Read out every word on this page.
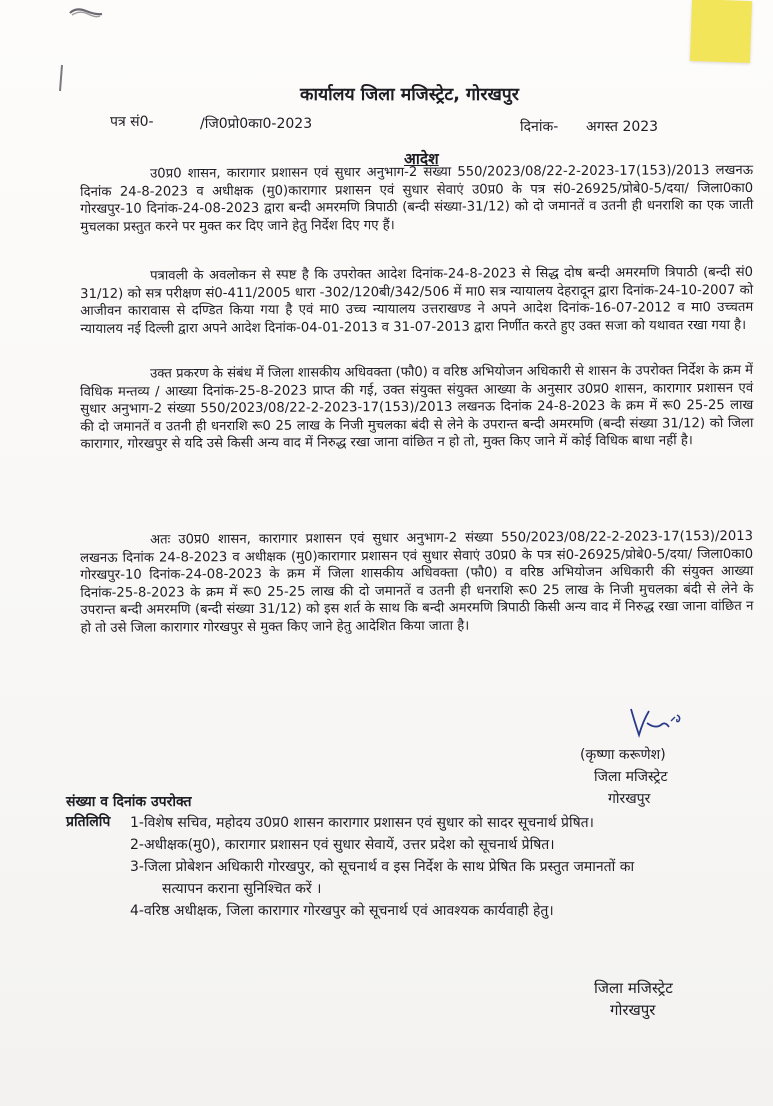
कार्यालय जिला मजिस्ट्रेट, गोरखपुर
पत्र सं0-	/जि0प्रो0का0-2023	दिनांक- अगस्त 2023
आदेश
उ0प्र0 शासन, कारागार प्रशासन एवं सुधार अनुभाग-2 संख्या 550/2023/08/22-2-2023-17(153)/2013 लखनऊ दिनांक 24-8-2023 व अधीक्षक (मु0)कारागार प्रशासन एवं सुधार सेवाएं उ0प्र0 के पत्र सं0-26925/प्रोबे0-5/दया/ जिला0का0 गोरखपुर-10 दिनांक-24-08-2023 द्वारा बन्दी अमरमणि त्रिपाठी (बन्दी संख्या-31/12) को दो जमानतें व उतनी ही धनराशि का एक जाती मुचलका प्रस्तुत करने पर मुक्त कर दिए जाने हेतु निर्देश दिए गए हैं।
पत्रावली के अवलोकन से स्पष्ट है कि उपरोक्त आदेश दिनांक-24-8-2023 से सिद्ध दोष बन्दी अमरमणि त्रिपाठी (बन्दी सं0 31/12) को सत्र परीक्षण सं0-411/2005 धारा -302/120बी/342/506 में मा0 सत्र न्यायालय देहरादून द्वारा दिनांक-24-10-2007 को आजीवन कारावास से दण्डित किया गया है एवं मा0 उच्च न्यायालय उत्तराखण्ड ने अपने आदेश दिनांक-16-07-2012 व मा0 उच्चतम न्यायालय नई दिल्ली द्वारा अपने आदेश दिनांक-04-01-2013 व 31-07-2013 द्वारा निर्णीत करते हुए उक्त सजा को यथावत रखा गया है।
उक्त प्रकरण के संबंध में जिला शासकीय अधिवक्ता (फौ0) व वरिष्ठ अभियोजन अधिकारी से शासन के उपरोक्त निर्देश के क्रम में विधिक मन्तव्य / आख्या दिनांक-25-8-2023 प्राप्त की गई, उक्त संयुक्त संयुक्त आख्या के अनुसार उ0प्र0 शासन, कारागार प्रशासन एवं सुधार अनुभाग-2 संख्या 550/2023/08/22-2-2023-17(153)/2013 लखनऊ दिनांक 24-8-2023 के क्रम में रू0 25-25 लाख की दो जमानतें व उतनी ही धनराशि रू0 25 लाख के निजी मुचलका बंदी से लेने के उपरान्त बन्दी अमरमणि (बन्दी संख्या 31/12) को जिला कारागार, गोरखपुर से यदि उसे किसी अन्य वाद में निरुद्ध रखा जाना वांछित न हो तो, मुक्त किए जाने में कोई विधिक बाधा नहीं है।
अतः उ0प्र0 शासन, कारागार प्रशासन एवं सुधार अनुभाग-2 संख्या 550/2023/08/22-2-2023-17(153)/2013 लखनऊ दिनांक 24-8-2023 व अधीक्षक (मु0)कारागार प्रशासन एवं सुधार सेवाएं उ0प्र0 के पत्र सं0-26925/प्रोबे0-5/दया/ जिला0का0 गोरखपुर-10 दिनांक-24-08-2023 के क्रम में जिला शासकीय अधिवक्ता (फौ0) व वरिष्ठ अभियोजन अधिकारी की संयुक्त आख्या दिनांक-25-8-2023 के क्रम में रू0 25-25 लाख की दो जमानतें व उतनी ही धनराशि रू0 25 लाख के निजी मुचलका बंदी से लेने के उपरान्त बन्दी अमरमणि (बन्दी संख्या 31/12) को इस शर्त के साथ कि बन्दी अमरमणि त्रिपाठी किसी अन्य वाद में निरुद्ध रखा जाना वांछित न हो तो उसे जिला कारागार गोरखपुर से मुक्त किए जाने हेतु आदेशित किया जाता है।
(कृष्णा करूणेश)
जिला मजिस्ट्रेट
गोरखपुर
संख्या व दिनांक उपरोक्त
प्रतिलिपि 1-विशेष सचिव, महोदय उ0प्र0 शासन कारागार प्रशासन एवं सुधार को सादर सूचनार्थ प्रेषित।
2-अधीक्षक(मु0), कारागार प्रशासन एवं सुधार सेवायें, उत्तर प्रदेश को सूचनार्थ प्रेषित।
3-जिला प्रोबेशन अधिकारी गोरखपुर, को सूचनार्थ व इस निर्देश के साथ प्रेषित कि प्रस्तुत जमानतों का
सत्यापन कराना सुनिश्चित करें ।
4-वरिष्ठ अधीक्षक, जिला कारागार गोरखपुर को सूचनार्थ एवं आवश्यक कार्यवाही हेतु।
जिला मजिस्ट्रेट
गोरखपुर
